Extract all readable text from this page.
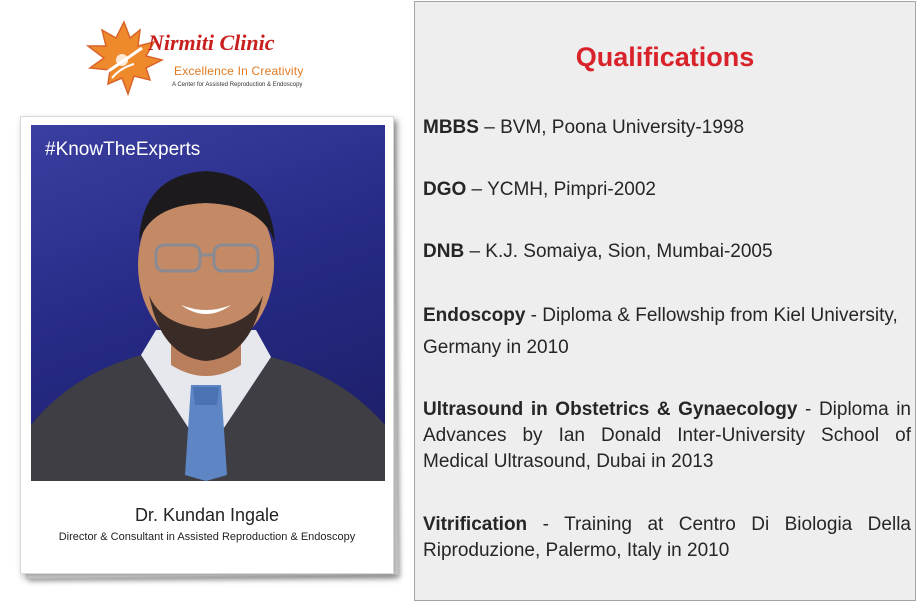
Nirmiti Clinic
Excellence In Creativity
A Center for Assisted Reproduction & Endoscopy
#KnowTheExperts
Dr. Kundan Ingale
Director & Consultant in Assisted Reproduction & Endoscopy
Qualifications
MBBS – BVM, Poona University-1998
DGO – YCMH, Pimpri-2002
DNB – K.J. Somaiya, Sion, Mumbai-2005
Endoscopy - Diploma & Fellowship from Kiel University, Germany in 2010
Ultrasound in Obstetrics & Gynaecology - Diploma in Advances by Ian Donald Inter-University School of Medical Ultrasound, Dubai in 2013
Vitrification - Training at Centro Di Biologia Della Riproduzione, Palermo, Italy in 2010
